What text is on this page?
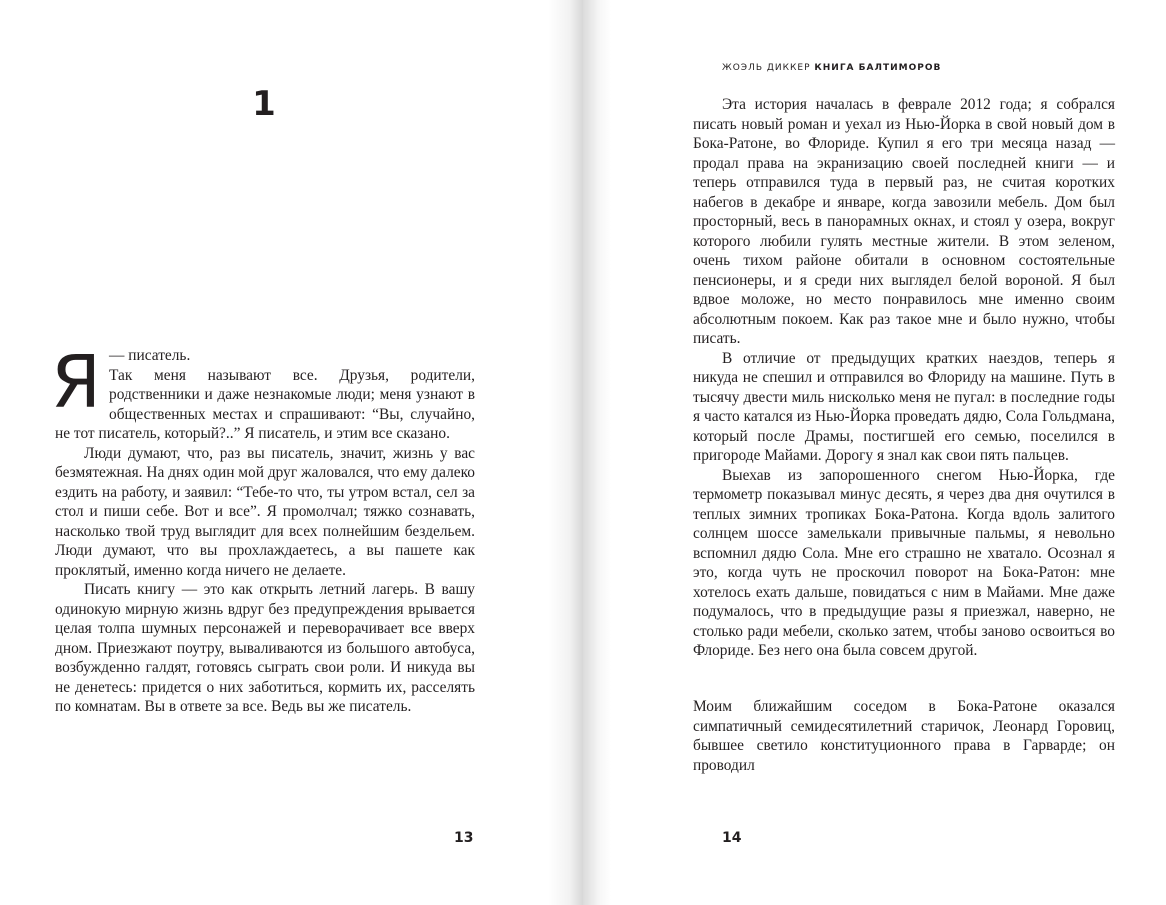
1

Я — писатель.

Так меня называют все. Друзья, родители, родственники и даже незнакомые люди; меня узнают в общественных местах и спрашивают: “Вы, случайно, не тот писатель, который?..” Я писатель, и этим все сказано.

Люди думают, что, раз вы писатель, значит, жизнь у вас безмятежная. На днях один мой друг жаловался, что ему далеко ездить на работу, и заявил: “Тебе-то что, ты утром встал, сел за стол и пиши себе. Вот и все”. Я промолчал; тяжко сознавать, насколько твой труд выглядит для всех полнейшим бездельем. Люди думают, что вы прохлаждаетесь, а вы пашете как проклятый, именно когда ничего не делаете.

Писать книгу — это как открыть летний лагерь. В вашу одинокую мирную жизнь вдруг без предупреждения врывается целая толпа шумных персонажей и переворачивает все вверх дном. Приезжают поутру, вываливаются из большого автобуса, возбужденно галдят, готовясь сыграть свои роли. И никуда вы не денетесь: придется о них заботиться, кормить их, расселять по комнатам. Вы в ответе за все. Ведь вы же писатель.

13
ЖОЭЛЬ ДИККЕР КНИГА БАЛТИМОРОВ

Эта история началась в феврале 2012 года; я собрался писать новый роман и уехал из Нью-Йорка в свой новый дом в Бока-Ратоне, во Флориде. Купил я его три месяца назад — продал права на экранизацию своей последней книги — и теперь отправился туда в первый раз, не считая коротких набегов в декабре и январе, когда завозили мебель. Дом был просторный, весь в панорамных окнах, и стоял у озера, вокруг которого любили гулять местные жители. В этом зеленом, очень тихом районе обитали в основном состоятельные пенсионеры, и я среди них выглядел белой вороной. Я был вдвое моложе, но место понравилось мне именно своим абсолютным покоем. Как раз такое мне и было нужно, чтобы писать.

В отличие от предыдущих кратких наездов, теперь я никуда не спешил и отправился во Флориду на машине. Путь в тысячу двести миль нисколько меня не пугал: в последние годы я часто катался из Нью-Йорка проведать дядю, Сола Гольдмана, который после Драмы, постигшей его семью, поселился в пригороде Майами. Дорогу я знал как свои пять пальцев.

Выехав из запорошенного снегом Нью-Йорка, где термометр показывал минус десять, я через два дня очутился в теплых зимних тропиках Бока-Ратона. Когда вдоль залитого солнцем шоссе замелькали привычные пальмы, я невольно вспомнил дядю Сола. Мне его страшно не хватало. Осознал я это, когда чуть не проскочил поворот на Бока-Ратон: мне хотелось ехать дальше, повидаться с ним в Майами. Мне даже подумалось, что в предыдущие разы я приезжал, наверно, не столько ради мебели, сколько затем, чтобы заново освоиться во Флориде. Без него она была совсем другой.

Моим ближайшим соседом в Бока-Ратоне оказался симпатичный семидесятилетний старичок, Леонард Горовиц, бывшее светило конституционного права в Гарварде; он проводил

14
